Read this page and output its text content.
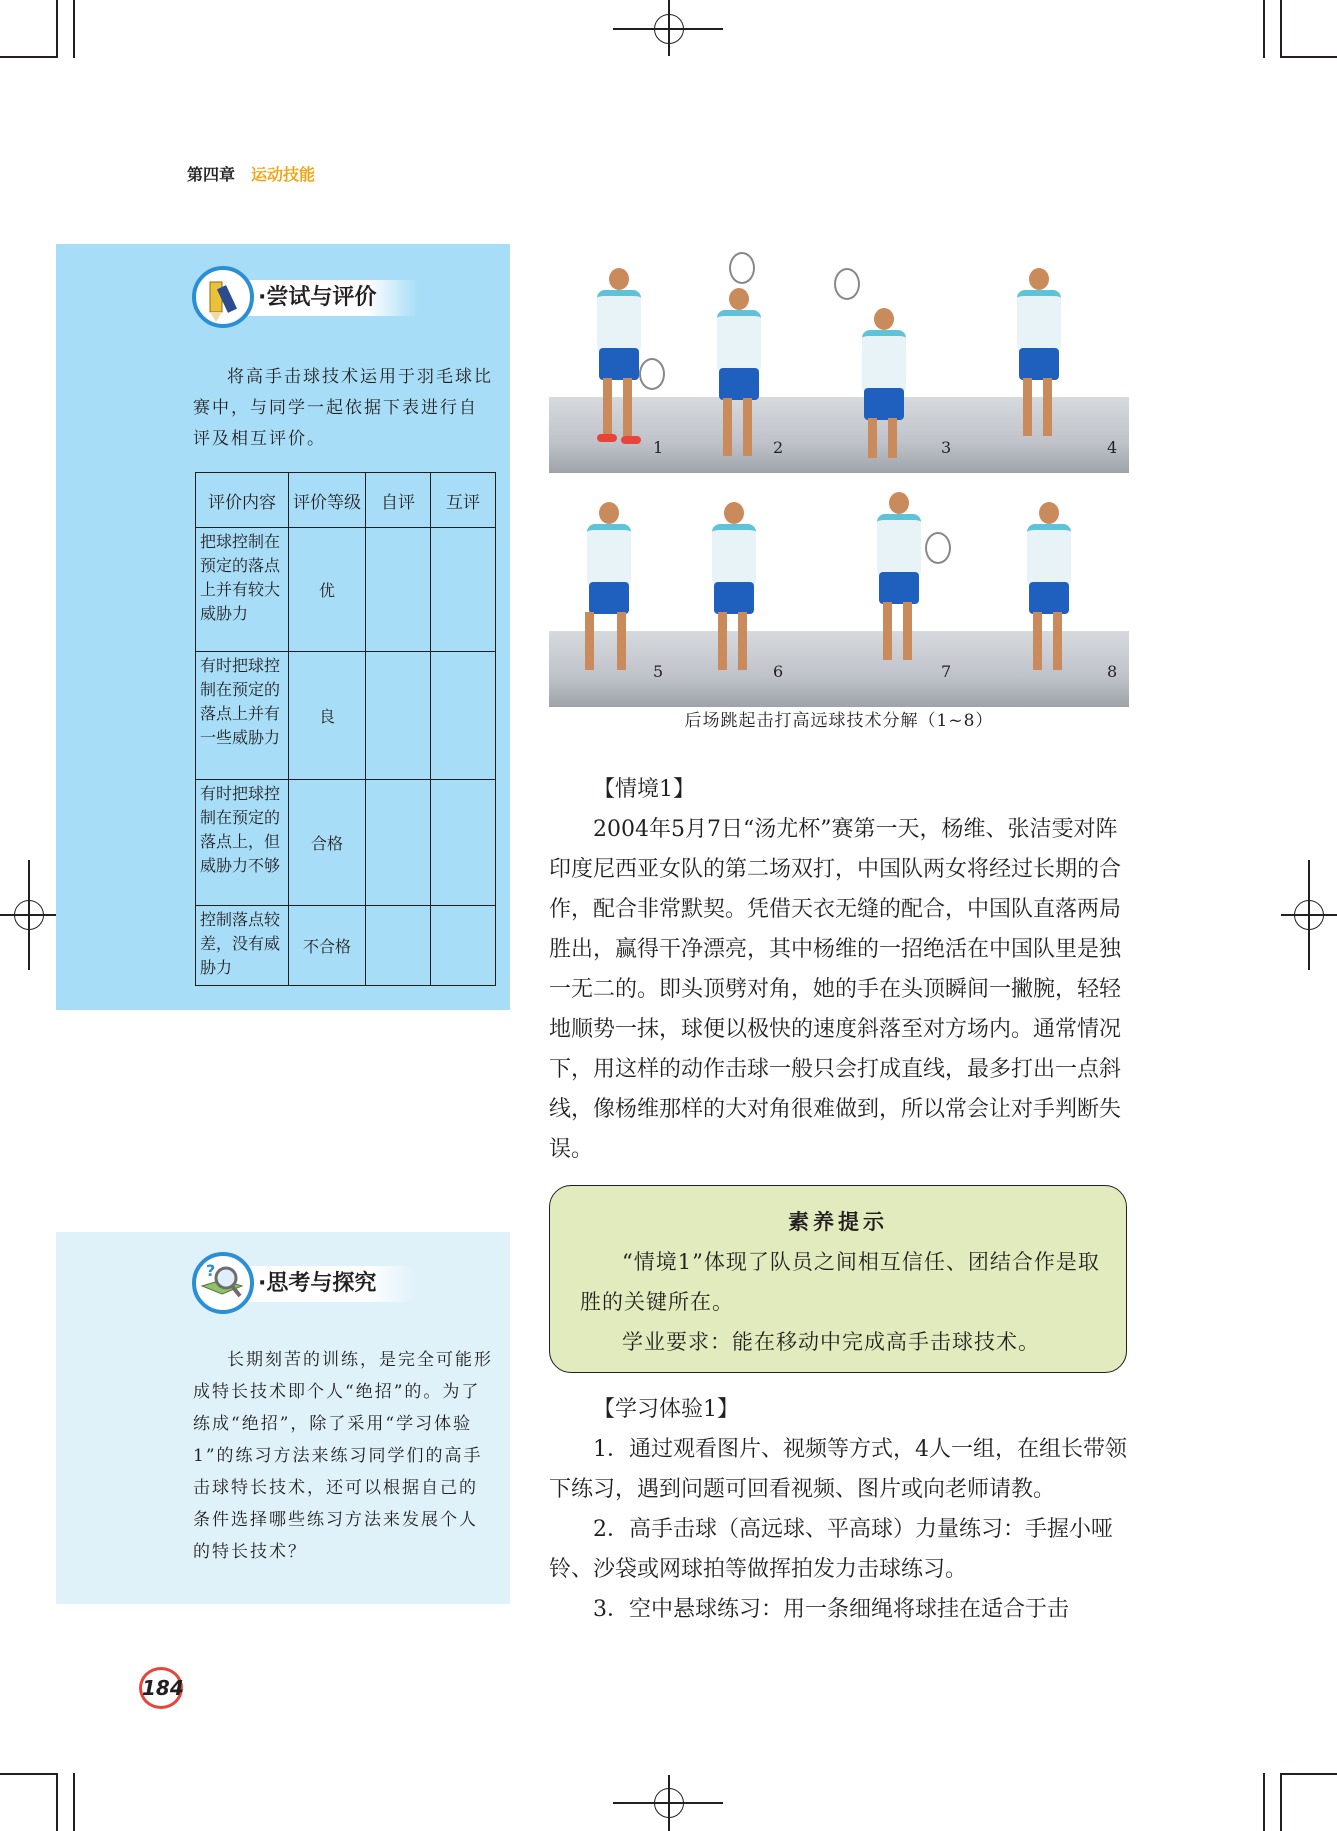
第四章 运动技能
·尝试与评价
将高手击球技术运用于羽毛球比赛中，与同学一起依据下表进行自评及相互评价。
评价内容	评价等级	自评	互评
把球控制在预定的落点上并有较大威胁力	优		
有时把球控制在预定的落点上并有一些威胁力	良		
有时把球控制在预定的落点上，但威胁力不够	合格		
控制落点较差，没有威胁力	不合格		
·思考与探究
?
长期刻苦的训练，是完全可能形成特长技术即个人“绝招”的。为了练成“绝招”，除了采用“学习体验1”的练习方法来练习同学们的高手击球特长技术，还可以根据自己的条件选择哪些练习方法来发展个人的特长技术？
1	2	3	4
5	6	7	8
后场跳起击打高远球技术分解（1~8）
【情境1】
2004年5月7日“汤尤杯”赛第一天，杨维、张洁雯对阵印度尼西亚女队的第二场双打，中国队两女将经过长期的合作，配合非常默契。凭借天衣无缝的配合，中国队直落两局胜出，赢得干净漂亮，其中杨维的一招绝活在中国队里是独一无二的。即头顶劈对角，她的手在头顶瞬间一撇腕，轻轻地顺势一抹，球便以极快的速度斜落至对方场内。通常情况下，用这样的动作击球一般只会打成直线，最多打出一点斜线，像杨维那样的大对角很难做到，所以常会让对手判断失误。
素养提示
“情境1”体现了队员之间相互信任、团结合作是取胜的关键所在。
学业要求：能在移动中完成高手击球技术。
【学习体验1】
1．通过观看图片、视频等方式，4人一组，在组长带领下练习，遇到问题可回看视频、图片或向老师请教。
2．高手击球（高远球、平高球）力量练习：手握小哑铃、沙袋或网球拍等做挥拍发力击球练习。
3．空中悬球练习：用一条细绳将球挂在适合于击
184
